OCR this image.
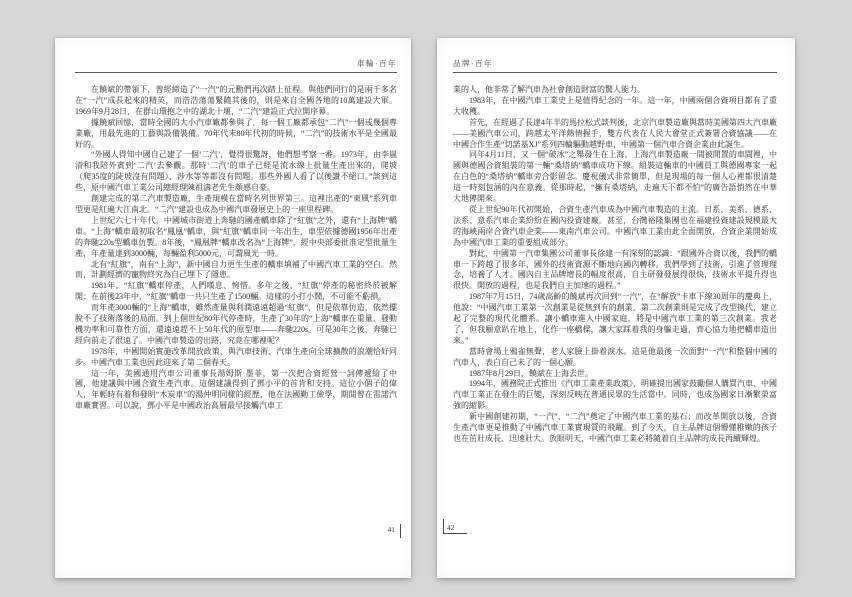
車輪·百年

在饒斌的帶領下，曾經締造了“一汽”的元勳們再次踏上征程。與他們同行的是兩千多名在“一汽”成長起來的精英，而浩浩蕩蕩緊隨其後的，則是來自全國各地的10萬建設大軍。1969年9月28日，在群山環抱之中的湖北十堰，“二汽”建設正式拉開序幕。

據饒斌回憶，當時全國的大小汽車廠都參與了，每一個工廠都承包“二汽”一個或幾個專業廠，用最先進的工藝與設備裝備。70年代末80年代初的時候，“二汽”的技術水平是全國最好的。

“外國人得知中國自己建了一個‘二汽’，覺得很驚訝，他們想考察一番。1973年，由李嵐清和我陪外賓到‘二汽’去參觀。那時‘二汽’的車子已經是流水線上批量生產出來的，爬坡（爬35度的陡坡沒有問題）、涉水等等都沒有問題。那些外國人看了以後讚不絕口。”談到這些，原中國汽車工業公司總經理陳祖濤老先生頗感自豪。

創建完成的第二汽車製造廠，生產規模在當時名列世界第三。這裡出產的“東風”系列車型更是紅遍大江南北。“二汽”建設也成為中國汽車發展史上的一座里程碑。

上世紀六七十年代，中國城市街道上奔馳的國產轎車除了“紅旗”之外，還有“上海牌”轎車。“上海”轎車最初取名“鳳凰”轎車，與“紅旗”轎車同一年出生，車型依據德國1956年出產的奔馳220s型轎車仿製。8年後，“鳳凰牌”轎車改名為“上海牌”，經中央部委批准定型批量生產，年產量達到3000輛，每輛盈利5000元，可謂風光一時。

北有“紅旗”，南有“上海”，新中國自力更生生產的轎車填補了中國汽車工業的空白。然而，計劃經濟的寵物終究為自己埋下了隱患。

1981年，“紅旗”轎車停產，人們嘆息、惋惜。多年之後，“紅旗”停產的秘密終於被解開：在前後23年中，“紅旗”轎車一共只生產了1500輛。這樣的小打小鬧，不可能不虧損。

而年產3000輛的“上海”轎車，雖然產量與利潤遠遠超過“紅旗”，但是依靠仿造，依然擺脫不了技術落後的局面。到上個世紀80年代停產時，生產了30年的“上海”轎車在重量、發動機功率和可靠性方面，還遠遠趕不上50年代的原型車——奔馳220s。可是30年之後，奔馳已經向前走了很遠了。中國汽車製造的出路，究竟在哪裡呢？

1978年，中國開始實施改革開放政策，與汽車技術、汽車生產向全球擴散的浪潮恰好同步。中國汽車工業也因此迎來了第二個春天。

這一年，美國通用汽車公司董事長湯姆斯·墨菲，第一次把合資經營一詞傳遞給了中國，他建議與中國合資生產汽車。這個建議得到了鄧小平的首肯和支持。這位小個子的偉人，年輕時有着和發明“木炭車”的湯仲明同樣的經歷，他在法國勤工儉學，期間曾在雷諾汽車廠實習。可以說，鄧小平是中國政治高層最早接觸汽車工

41
品牌·百年

業的人，他非常了解汽車為社會創造財富的驚人能力。

1983年，在中國汽車工業史上是值得紀念的一年。這一年，中國兩個合資項目都有了重大收穫。

首先，在經過了長達4年半的馬拉松式談判後，北京汽車製造廠與當時美國第四大汽車廠——美國汽車公司，跨越太平洋熱情握手，雙方代表在人民大會堂正式簽署合資協議——在中國合作生產“切諾基XJ”系列四輪驅動越野車，中國第一個汽車合資企業由此誕生。

同年4月11日，又一個“破冰”之舉發生在上海。上海汽車製造廠一間被閒置的車間裡，中國與德國合資組裝的第一輛“桑塔納”轎車成功下線。組裝這輛車的中國員工與德國專家一起在白色的“桑塔納”轎車旁合影留念。慶祝儀式非常簡單，但是現場的每一個人心裡都很清楚這一時刻包涵的內在意義。從那時起，“擁有桑塔納，走遍天下都不怕”的廣告語悄然在中華大地傳開來。

從上世紀90年代初開始，合資生產汽車成為中國汽車製造的主流。日系、美系、德系、法系、意系汽車企業紛紛在國內投資建廠。甚至，台灣裕隆集團也在福建投資建設規模最大的海峽兩岸合資汽車企業——東南汽車公司。中國汽車工業由此全面開放，合資企業開始成為中國汽車工業的重要組成部分。

對此，中國第一汽車集團公司董事長徐建一有深刻的認識：“跟國外合資以後，我們的轎車一下跨越了很多年，國外的技術資源不斷地向國內轉移。我們學到了技術，引進了管理理念，培養了人才。國內自主品牌增長的幅度很高，自主研發發展得很快，技術水平提升得也很快。開放的過程，也是我們自主加速的過程。”

1987年7月15日，74歲高齡的饒斌再次回到“一汽”，在“解放”卡車下線30周年的慶典上，他說：“中國汽車工業第一次創業是從無到有的創業，第二次創業則是完成了改型換代，建立起了完整的現代化體系。讓小轎車進入中國家庭，將是中國汽車工業的第三次創業。我老了，但我願意趴在地上，化作一座橋樑，讓大家踩着我的身軀走過，齊心協力地把轎車造出來。”

當時會場上鴉雀無聲，老人家臉上掛着淚水。這是他最後一次面對“一汽”和整個中國的汽車人，表白自己未了的一個心願。

1987年8月29日，饒斌在上海去世。

1994年，國務院正式推出《汽車工業產業政策》，明確提出國家鼓勵個人購買汽車、中國汽車工業正在發生的巨變，深刻反映在普通民眾的生活當中。同時，也成為國家日漸繁榮富強的縮影。

新中國創建初期，“一汽”、“二汽”奠定了中國汽車工業的基石；而改革開放以後，合資生產汽車更是推動了中國汽車工業實現質的飛躍。到了今天，自主品牌這個懵懂稚嫩的孩子也在茁壯成長、迅速壯大。放眼明天，中國汽車工業必將隨着自主品牌的成長再續輝煌。

42
